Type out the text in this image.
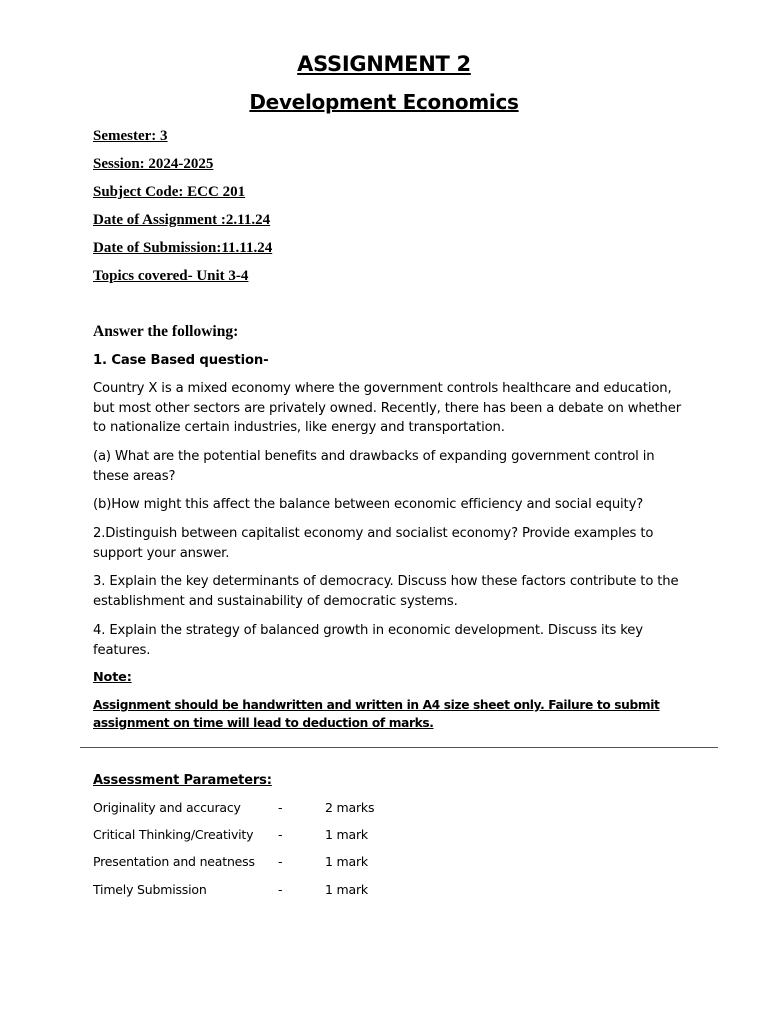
ASSIGNMENT 2
Development Economics
Semester: 3
Session: 2024-2025
Subject Code: ECC 201
Date of Assignment :2.11.24
Date of Submission:11.11.24
Topics covered- Unit 3-4
Answer the following:
1. Case Based question-
Country X is a mixed economy where the government controls healthcare and education, but most other sectors are privately owned. Recently, there has been a debate on whether to nationalize certain industries, like energy and transportation.
(a) What are the potential benefits and drawbacks of expanding government control in these areas?
(b)How might this affect the balance between economic efficiency and social equity?
2.Distinguish between capitalist economy and socialist economy? Provide examples to support your answer.
3. Explain the key determinants of democracy. Discuss how these factors contribute to the establishment and sustainability of democratic systems.
4. Explain the strategy of balanced growth in economic development. Discuss its key features.
Note:
Assignment should be handwritten and written in A4 size sheet only. Failure to submit assignment on time will lead to deduction of marks.
Assessment Parameters:
Originality and accuracy	-	2 marks
Critical Thinking/Creativity -	1 mark
Presentation and neatness -	1 mark
Timely Submission	-	1 mark
